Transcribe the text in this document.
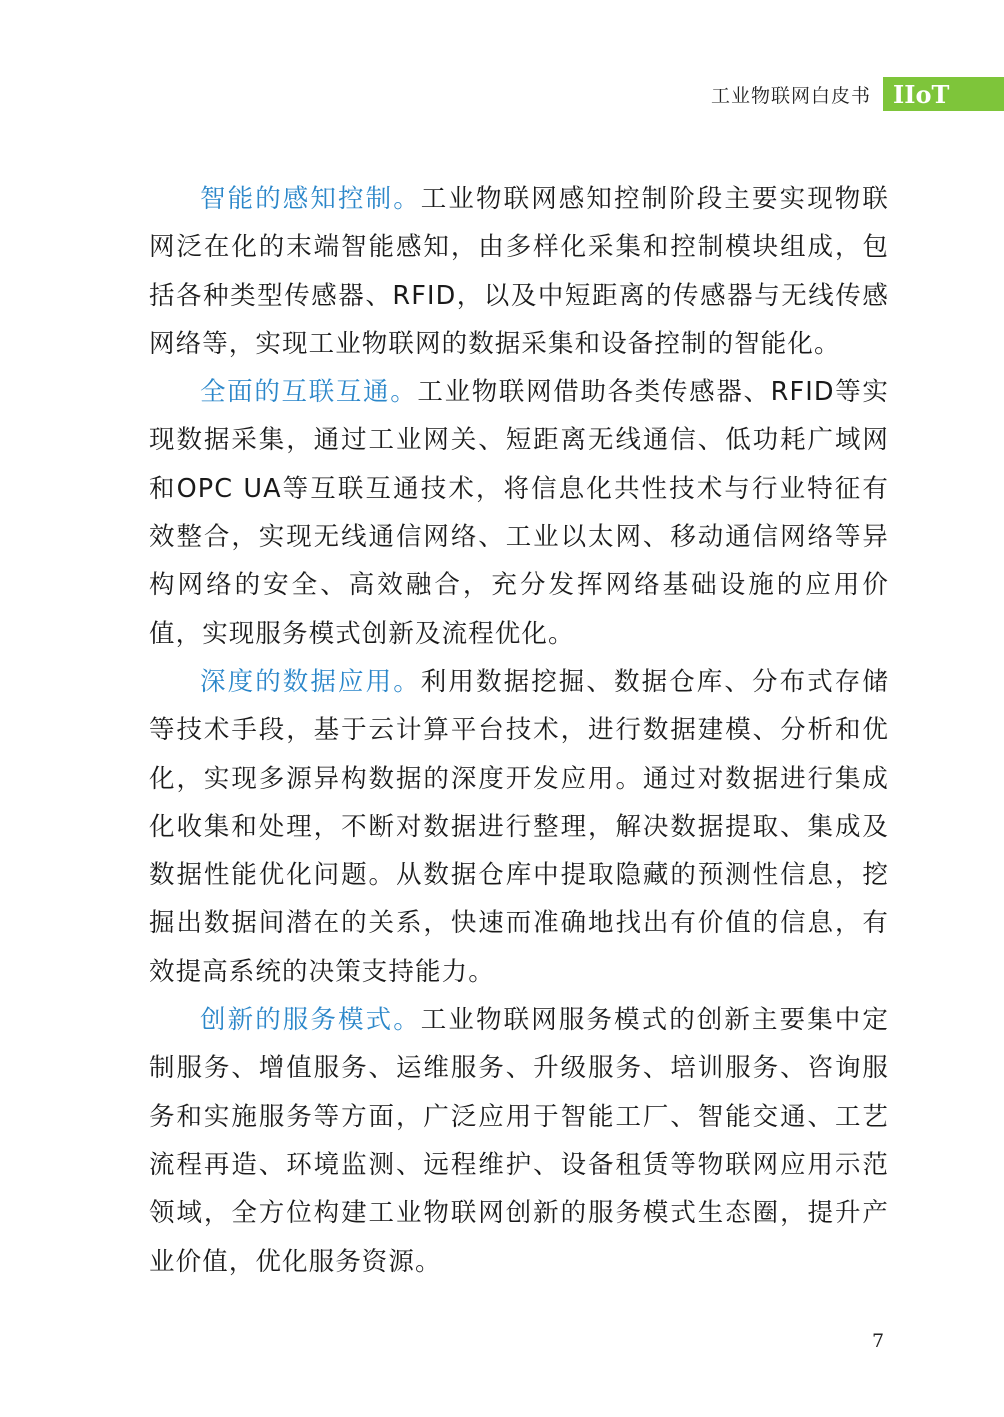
工业物联网白皮书 IIoT

智能的感知控制。工业物联网感知控制阶段主要实现物联网泛在化的末端智能感知，由多样化采集和控制模块组成，包括各种类型传感器、RFID，以及中短距离的传感器与无线传感网络等，实现工业物联网的数据采集和设备控制的智能化。

全面的互联互通。工业物联网借助各类传感器、RFID等实现数据采集，通过工业网关、短距离无线通信、低功耗广域网和OPC UA等互联互通技术，将信息化共性技术与行业特征有效整合，实现无线通信网络、工业以太网、移动通信网络等异构网络的安全、高效融合，充分发挥网络基础设施的应用价值，实现服务模式创新及流程优化。

深度的数据应用。利用数据挖掘、数据仓库、分布式存储等技术手段，基于云计算平台技术，进行数据建模、分析和优化，实现多源异构数据的深度开发应用。通过对数据进行集成化收集和处理，不断对数据进行整理，解决数据提取、集成及数据性能优化问题。从数据仓库中提取隐藏的预测性信息，挖掘出数据间潜在的关系，快速而准确地找出有价值的信息，有效提高系统的决策支持能力。

创新的服务模式。工业物联网服务模式的创新主要集中定制服务、增值服务、运维服务、升级服务、培训服务、咨询服务和实施服务等方面，广泛应用于智能工厂、智能交通、工艺流程再造、环境监测、远程维护、设备租赁等物联网应用示范领域，全方位构建工业物联网创新的服务模式生态圈，提升产业价值，优化服务资源。

7
